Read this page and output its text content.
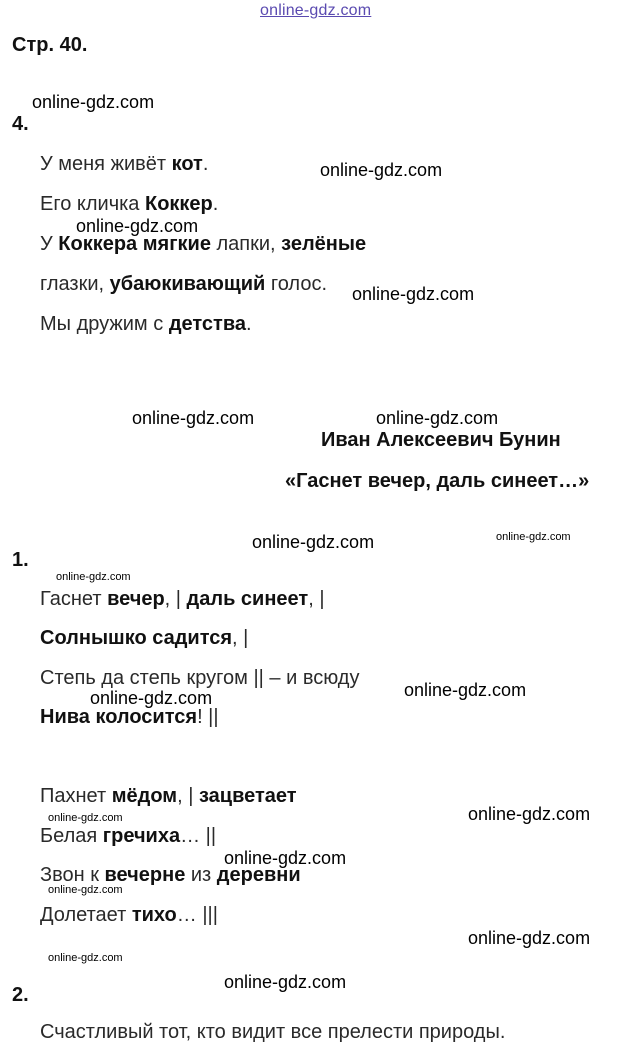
online-gdz.com
Стр. 40.
4.
У меня живёт кот.
Его кличка Коккер.
У Коккера мягкие лапки, зелёные
глазки, убаюкивающий голос.
Мы дружим с детства.
Иван Алексеевич Бунин
«Гаснет вечер, даль синеет…»
1.
Гаснет вечер, | даль синеет, |
Солнышко садится, |
Степь да степь кругом || – и всюду
Нива колосится! ||
Пахнет мёдом, | зацветает
Белая гречиха… ||
Звон к вечерне из деревни
Долетает тихо… |||
2.
Счастливый тот, кто видит все прелести природы.
online-gdz.com
online-gdz.com
online-gdz.com
online-gdz.com
online-gdz.com	online-gdz.com
online-gdz.com	online-gdz.com
online-gdz.com
online-gdz.com	online-gdz.com
online-gdz.com
online-gdz.com
online-gdz.com
online-gdz.com
online-gdz.com
online-gdz.com
online-gdz.com
